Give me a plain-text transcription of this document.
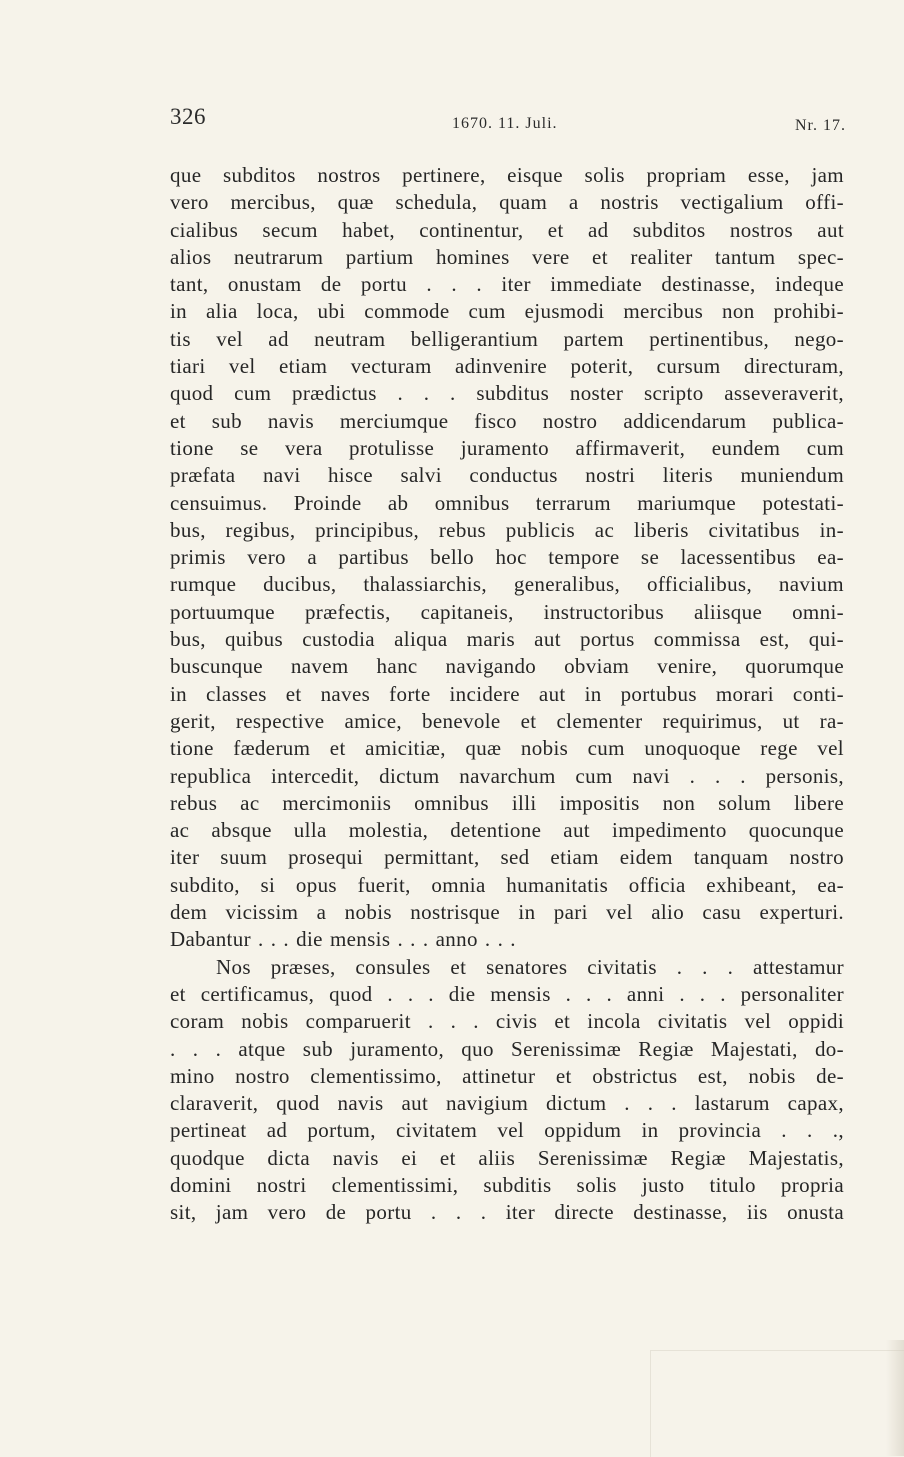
326	1670. 11. Juli.	Nr. 17.
que subditos nostros pertinere, eisque solis propriam esse, jam
vero mercibus, quæ schedula, quam a nostris vectigalium offi-
cialibus secum habet, continentur, et ad subditos nostros aut
alios neutrarum partium homines vere et realiter tantum spec-
tant, onustam de portu . . . iter immediate destinasse, indeque
in alia loca, ubi commode cum ejusmodi mercibus non prohibi-
tis vel ad neutram belligerantium partem pertinentibus, nego-
tiari vel etiam vecturam adinvenire poterit, cursum directuram,
quod cum prædictus . . . subditus noster scripto asseveraverit,
et sub navis merciumque fisco nostro addicendarum publica-
tione se vera protulisse juramento affirmaverit, eundem cum
præfata navi hisce salvi conductus nostri literis muniendum
censuimus. Proinde ab omnibus terrarum mariumque potestati-
bus, regibus, principibus, rebus publicis ac liberis civitatibus in-
primis vero a partibus bello hoc tempore se lacessentibus ea-
rumque ducibus, thalassiarchis, generalibus, officialibus, navium
portuumque præfectis, capitaneis, instructoribus aliisque omni-
bus, quibus custodia aliqua maris aut portus commissa est, qui-
buscunque navem hanc navigando obviam venire, quorumque
in classes et naves forte incidere aut in portubus morari conti-
gerit, respective amice, benevole et clementer requirimus, ut ra-
tione fæderum et amicitiæ, quæ nobis cum unoquoque rege vel
republica intercedit, dictum navarchum cum navi . . . personis,
rebus ac mercimoniis omnibus illi impositis non solum libere
ac absque ulla molestia, detentione aut impedimento quocunque
iter suum prosequi permittant, sed etiam eidem tanquam nostro
subdito, si opus fuerit, omnia humanitatis officia exhibeant, ea-
dem vicissim a nobis nostrisque in pari vel alio casu experturi.
Dabantur . . . die mensis . . . anno . . .
Nos præses, consules et senatores civitatis . . . attestamur
et certificamus, quod . . . die mensis . . . anni . . . personaliter
coram nobis comparuerit . . . civis et incola civitatis vel oppidi
. . . atque sub juramento, quo Serenissimæ Regiæ Majestati, do-
mino nostro clementissimo, attinetur et obstrictus est, nobis de-
claraverit, quod navis aut navigium dictum . . . lastarum capax,
pertineat ad portum, civitatem vel oppidum in provincia . . .,
quodque dicta navis ei et aliis Serenissimæ Regiæ Majestatis,
domini nostri clementissimi, subditis solis justo titulo propria
sit, jam vero de portu . . . iter directe destinasse, iis onusta
